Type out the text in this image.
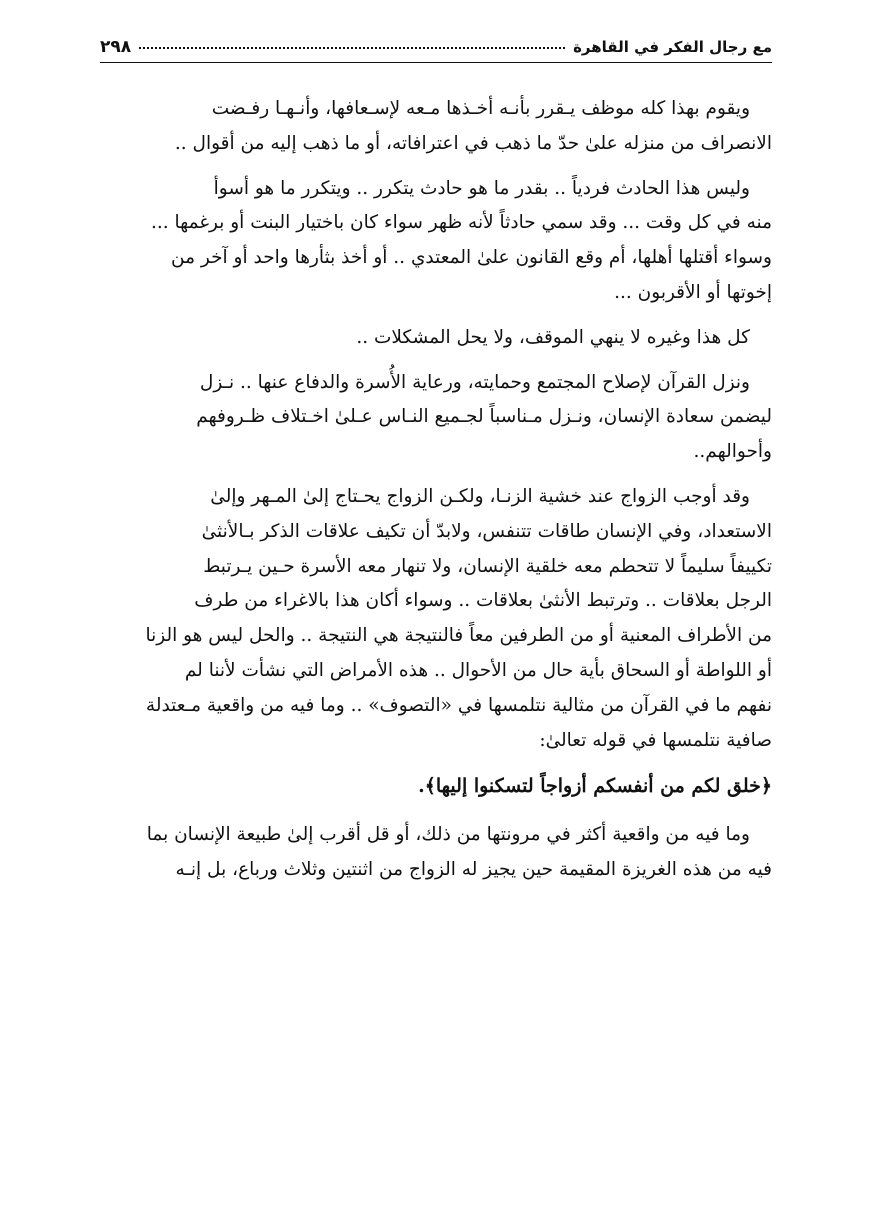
مع رجال الفكر في القاهرة
٢٩٨

ويقوم بهذا كله موظف يـقرر بأنـه أخـذها مـعه لإسـعافها، وأنـهـا رفـضت
الانصراف من منزله علىٰ حدّ ما ذهب في اعترافاته، أو ما ذهب إليه من أقوال ..

وليس هذا الحادث فردياً .. بقدر ما هو حادث يتكرر .. ويتكرر ما هو أسوأ
منه في كل وقت ... وقد سمي حادثاً لأنه ظهر سواء كان باختيار البنت أو برغمها ...
وسواء أقتلها أهلها، أم وقع القانون علىٰ المعتدي .. أو أخذ بثأرها واحد أو آخر من
إخوتها أو الأقربون ...

كل هذا وغيره لا ينهي الموقف، ولا يحل المشكلات ..

ونزل القرآن لإصلاح المجتمع وحمايته، ورعاية الأُسرة والدفاع عنها .. نـزل
ليضمن سعادة الإنسان، ونـزل مـناسباً لجـميع النـاس عـلىٰ اخـتلاف ظـروفهم
وأحوالهم..

وقد أوجب الزواج عند خشية الزنـا، ولكـن الزواج يحـتاج إلىٰ المـهر وإلىٰ
الاستعداد، وفي الإنسان طاقات تتنفس، ولابدّ أن تكيف علاقات الذكر بـالأنثىٰ
تكييفاً سليماً لا تتحطم معه خلقية الإنسان، ولا تنهار معه الأسرة حـين يـرتبط
الرجل بعلاقات .. وترتبط الأنثىٰ بعلاقات .. وسواء أكان هذا بالاغراء من طرف
من الأطراف المعنية أو من الطرفين معاً فالنتيجة هي النتيجة .. والحل ليس هو الزنا
أو اللواطة أو السحاق بأية حال من الأحوال .. هذه الأمراض التي نشأت لأننا لم
نفهم ما في القرآن من مثالية نتلمسها في «التصوف» .. وما فيه من واقعية مـعتدلة
صافية نتلمسها في قوله تعالىٰ:

﴿خلق لكم من أنفسكم أزواجاً لتسكنوا إليها﴾.

وما فيه من واقعية أكثر في مرونتها من ذلك، أو قل أقرب إلىٰ طبيعة الإنسان بما
فيه من هذه الغريزة المقيمة حين يجيز له الزواج من اثنتين وثلاث ورباع، بل إنـه
